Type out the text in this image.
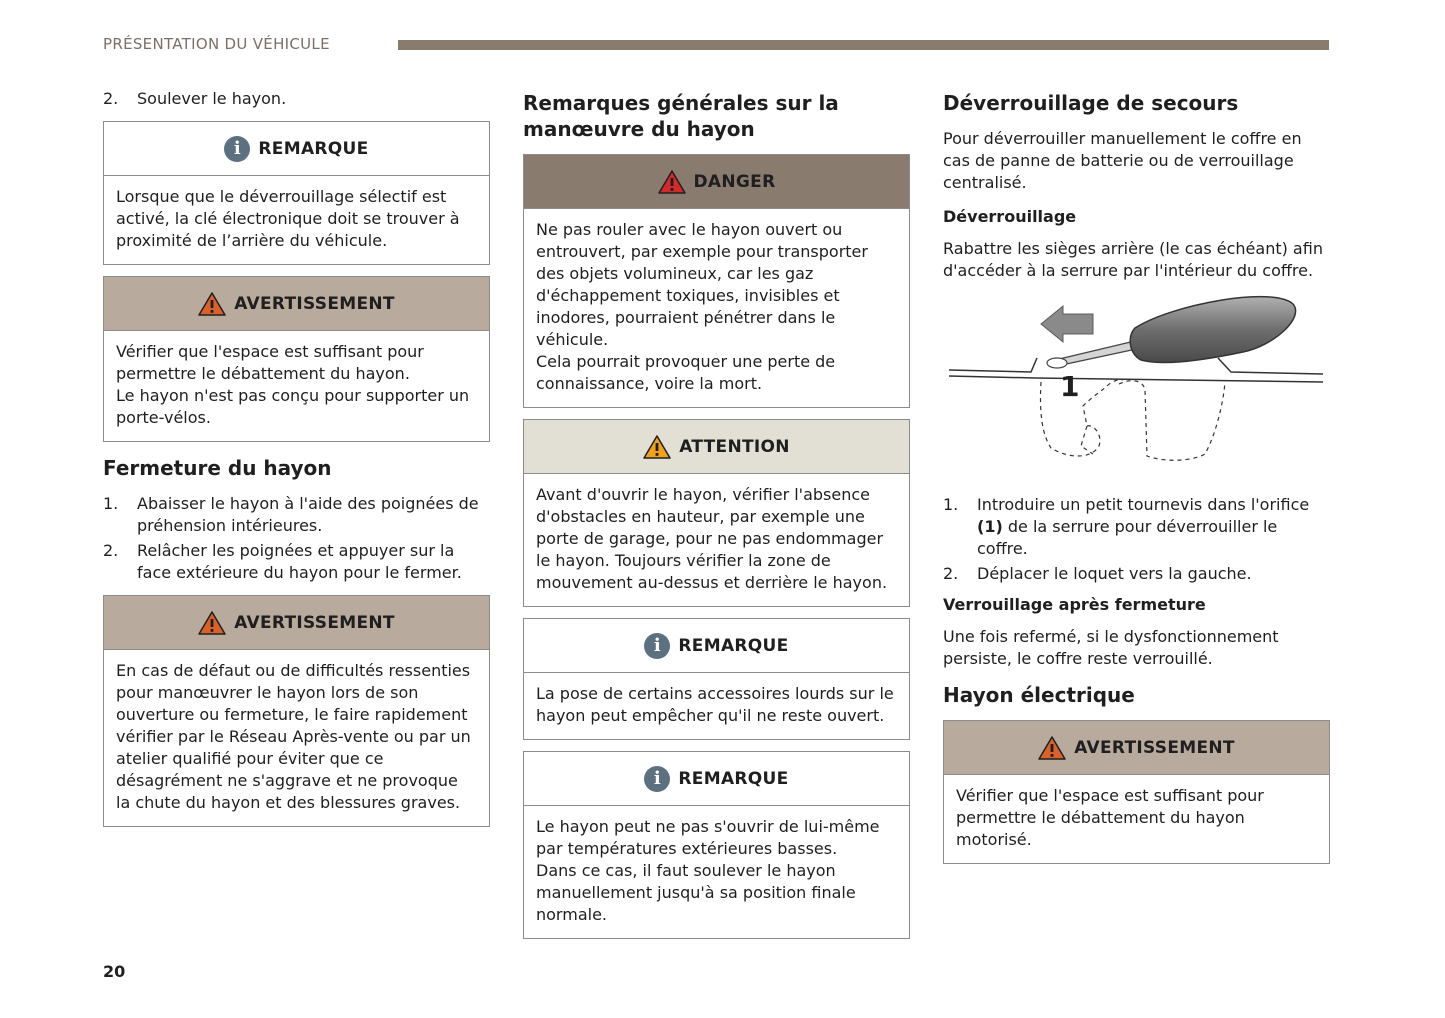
PRÉSENTATION DU VÉHICULE
2. Soulever le hayon.
i	REMARQUE

Lorsque que le déverrouillage sélectif est activé, la clé électronique doit se trouver à proximité de l’arrière du véhicule.

AVERTISSEMENT

Vérifier que l'espace est suffisant pour permettre le débattement du hayon.

Le hayon n'est pas conçu pour supporter un porte-vélos.

Fermeture du hayon
1. Abaisser le hayon à l'aide des poignées de préhension intérieures.
2. Relâcher les poignées et appuyer sur la face extérieure du hayon pour le fermer.
AVERTISSEMENT

En cas de défaut ou de difficultés ressenties pour manœuvrer le hayon lors de son ouverture ou fermeture, le faire rapidement vérifier par le Réseau Après-vente ou par un atelier qualifié pour éviter que ce désagrément ne s'aggrave et ne provoque la chute du hayon et des blessures graves.

Remarques générales sur la manœuvre du hayon
DANGER

Ne pas rouler avec le hayon ouvert ou entrouvert, par exemple pour transporter des objets volumineux, car les gaz d'échappement toxiques, invisibles et inodores, pourraient pénétrer dans le véhicule.

Cela pourrait provoquer une perte de connaissance, voire la mort.

ATTENTION

Avant d'ouvrir le hayon, vérifier l'absence d'obstacles en hauteur, par exemple une porte de garage, pour ne pas endommager le hayon. Toujours vérifier la zone de mouvement au-dessus et derrière le hayon.

i	REMARQUE

La pose de certains accessoires lourds sur le hayon peut empêcher qu'il ne reste ouvert.

i	REMARQUE

Le hayon peut ne pas s'ouvrir de lui-même par températures extérieures basses.

Dans ce cas, il faut soulever le hayon manuellement jusqu'à sa position finale normale.

Déverrouillage de secours

Pour déverrouiller manuellement le coffre en cas de panne de batterie ou de verrouillage centralisé.

Déverrouillage

Rabattre les sièges arrière (le cas échéant) afin d'accéder à la serrure par l'intérieur du coffre.

1
1. Introduire un petit tournevis dans l'orifice (1) de la serrure pour déverrouiller le coffre.
2. Déplacer le loquet vers la gauche.
Verrouillage après fermeture

Une fois refermé, si le dysfonctionnement persiste, le coffre reste verrouillé.

Hayon électrique
AVERTISSEMENT

Vérifier que l'espace est suffisant pour permettre le débattement du hayon motorisé.

20
